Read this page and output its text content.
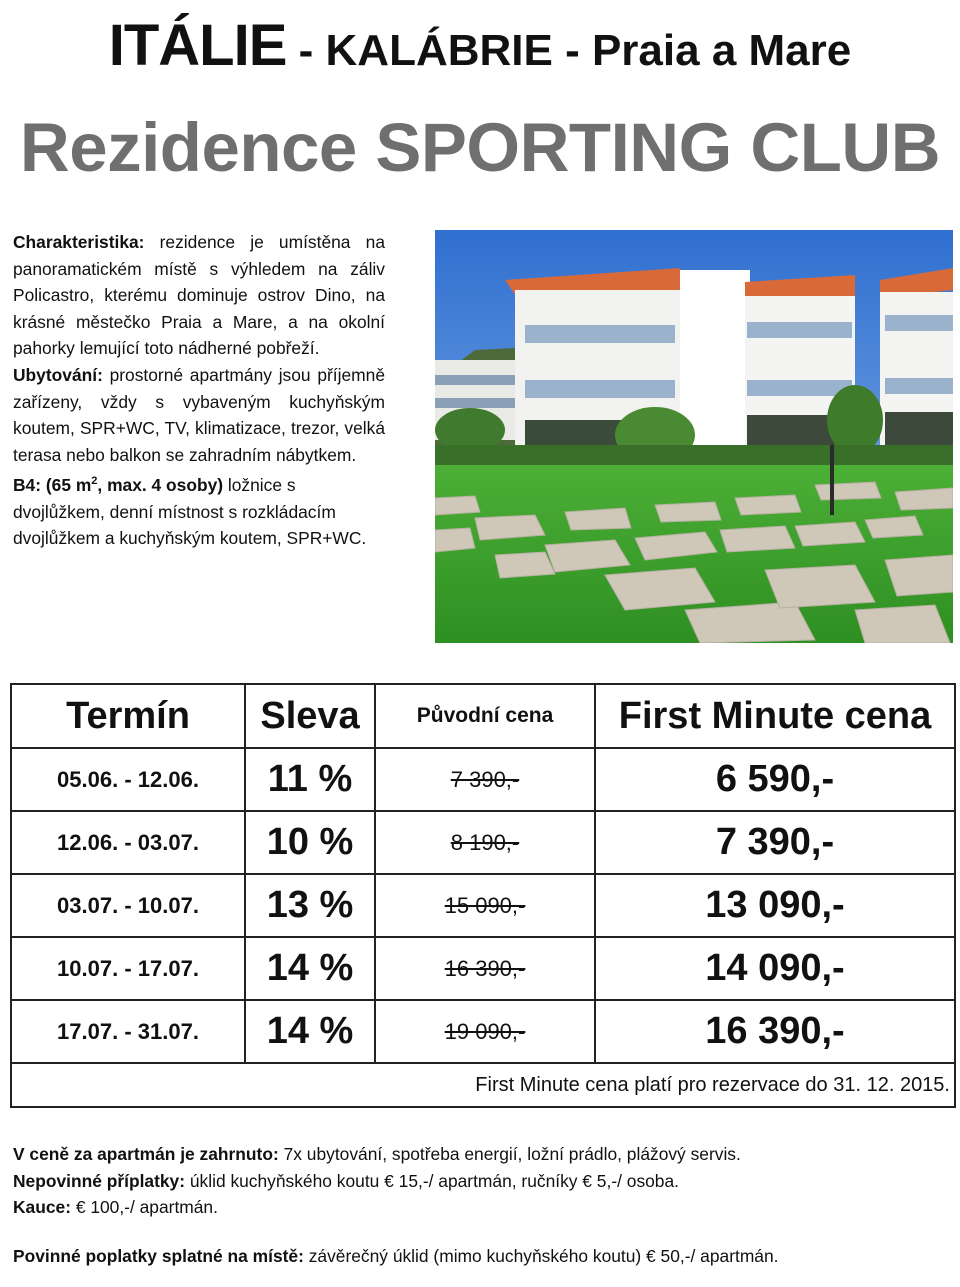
ITÁLIE - KALÁBRIE - Praia a Mare
Rezidence SPORTING CLUB

Charakteristika: rezidence je umístěna na panoramatickém místě s výhledem na záliv Policastro, kterému dominuje ostrov Dino, na krásné městečko Praia a Mare, a na okolní pahorky lemující toto nádherné pobřeží.

Ubytování: prostorné apartmány jsou příjemně zařízeny, vždy s vybaveným kuchyňským koutem, SPR+WC, TV, klimatizace, trezor, velká terasa nebo balkon se zahradním nábytkem.

B4: (65 $m^2$, max. 4 osoby) ložnice s dvojlůžkem, denní místnost s rozkládacím dvojlůžkem a kuchyňským koutem, SPR+WC.

Termín	Sleva	Původní cena	First Minute cena
05.06. - 12.06.	11 %	7 390,-	6 590,-
12.06. - 03.07.	10 %	8 190,-	7 390,-
03.07. - 10.07.	13 %	15 090,-	13 090,-
10.07. - 17.07.	14 %	16 390,-	14 090,-
17.07. - 31.07.	14 %	19 090,-	16 390,-
First Minute cena platí pro rezervace do 31. 12. 2015.			

V ceně za apartmán je zahrnuto: 7x ubytování, spotřeba energií, ložní prádlo, plážový servis.

Nepovinné příplatky: úklid kuchyňského koutu € 15,-/ apartmán, ručníky € 5,-/ osoba.

Kauce: € 100,-/ apartmán.

Povinné poplatky splatné na místě: závěrečný úklid (mimo kuchyňského koutu) € 50,-/ apartmán.
